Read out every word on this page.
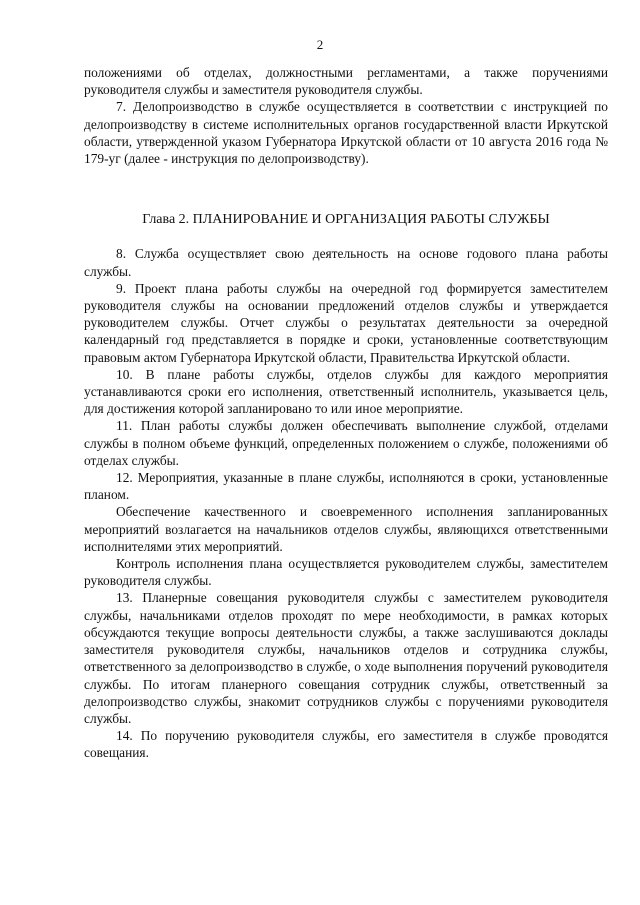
2

положениями об отделах, должностными регламентами, а также поручениями руководителя службы и заместителя руководителя службы.

7. Делопроизводство в службе осуществляется в соответствии с инструкцией по делопроизводству в системе исполнительных органов государственной власти Иркутской области, утвержденной указом Губернатора Иркутской области от 10 августа 2016 года № 179-уг (далее - инструкция по делопроизводству).

Глава 2. ПЛАНИРОВАНИЕ И ОРГАНИЗАЦИЯ РАБОТЫ СЛУЖБЫ

8. Служба осуществляет свою деятельность на основе годового плана работы службы.

9. Проект плана работы службы на очередной год формируется заместителем руководителя службы на основании предложений отделов службы и утверждается руководителем службы. Отчет службы о результатах деятельности за очередной календарный год представляется в порядке и сроки, установленные соответствующим правовым актом Губернатора Иркутской области, Правительства Иркутской области.

10. В плане работы службы, отделов службы для каждого мероприятия устанавливаются сроки его исполнения, ответственный исполнитель, указывается цель, для достижения которой запланировано то или иное мероприятие.

11. План работы службы должен обеспечивать выполнение службой, отделами службы в полном объеме функций, определенных положением о службе, положениями об отделах службы.

12. Мероприятия, указанные в плане службы, исполняются в сроки, установленные планом.

Обеспечение качественного и своевременного исполнения запланированных мероприятий возлагается на начальников отделов службы, являющихся ответственными исполнителями этих мероприятий.

Контроль исполнения плана осуществляется руководителем службы, заместителем руководителя службы.

13. Планерные совещания руководителя службы с заместителем руководителя службы, начальниками отделов проходят по мере необходимости, в рамках которых обсуждаются текущие вопросы деятельности службы, а также заслушиваются доклады заместителя руководителя службы, начальников отделов и сотрудника службы, ответственного за делопроизводство в службе, о ходе выполнения поручений руководителя службы. По итогам планерного совещания сотрудник службы, ответственный за делопроизводство службы, знакомит сотрудников службы с поручениями руководителя службы.

14. По поручению руководителя службы, его заместителя в службе проводятся совещания.
